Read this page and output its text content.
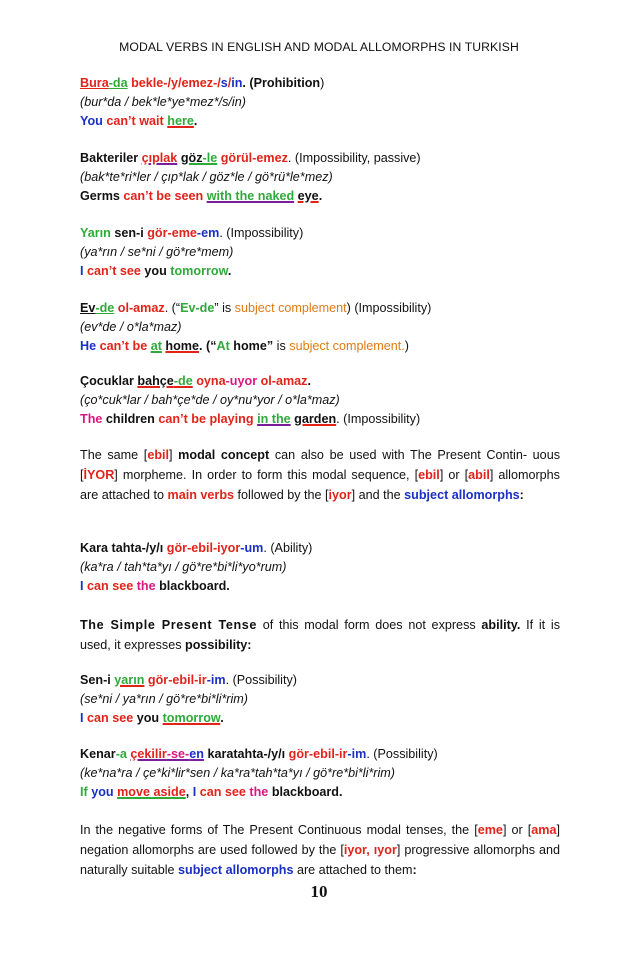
MODAL VERBS IN ENGLISH AND MODAL ALLOMORPHS IN TURKISH
Bura-da bekle-/y/emez-/s/in. (Prohibition)
(bur*da / bek*le*ye*mez*/s/in)
You can’t wait here.
Bakteriler çıplak göz-le görül-emez. (Impossibility, passive)
(bak*te*ri*ler / çıp*lak / göz*le / gö*rü*le*mez)
Germs can’t be seen with the naked eye.
Yarın sen-i gör-eme-em. (Impossibility)
(ya*rın / se*ni / gö*re*mem)
I can’t see you tomorrow.
Ev-de ol-amaz. (“Ev-de” is subject complement) (Impossibility)
(ev*de / o*la*maz)
He can’t be at home. (“At home” is subject complement.)
Çocuklar bahçe-de oyna-uyor ol-amaz.
(ço*cuk*lar / bah*çe*de / oy*nu*yor / o*la*maz)
The children can’t be playing in the garden. (Impossibility)
The same [ebil] modal concept can also be used with The Present Contin- uous [İYOR] morpheme. In order to form this modal sequence, [ebil] or [abil] allomorphs are attached to main verbs followed by the [iyor] and the subject allomorphs:
Kara tahta-/y/ı gör-ebil-iyor-um. (Ability)
(ka*ra / tah*ta*yı / gö*re*bi*li*yo*rum)
I can see the blackboard.
The Simple Present Tense of this modal form does not express ability. If it is used, it expresses possibility:
Sen-i yarın gör-ebil-ir-im. (Possibility)
(se*ni / ya*rın / gö*re*bi*li*rim)
I can see you tomorrow.
Kenar-a çekilir-se-en karatahta-/y/ı gör-ebil-ir-im. (Possibility)
(ke*na*ra / çe*ki*lir*sen / ka*ra*tah*ta*yı / gö*re*bi*li*rim)
If you move aside, I can see the blackboard.
In the negative forms of The Present Continuous modal tenses, the [eme] or [ama] negation allomorphs are used followed by the [iyor, ıyor] progressive allomorphs and naturally suitable subject allomorphs are attached to them:
10
